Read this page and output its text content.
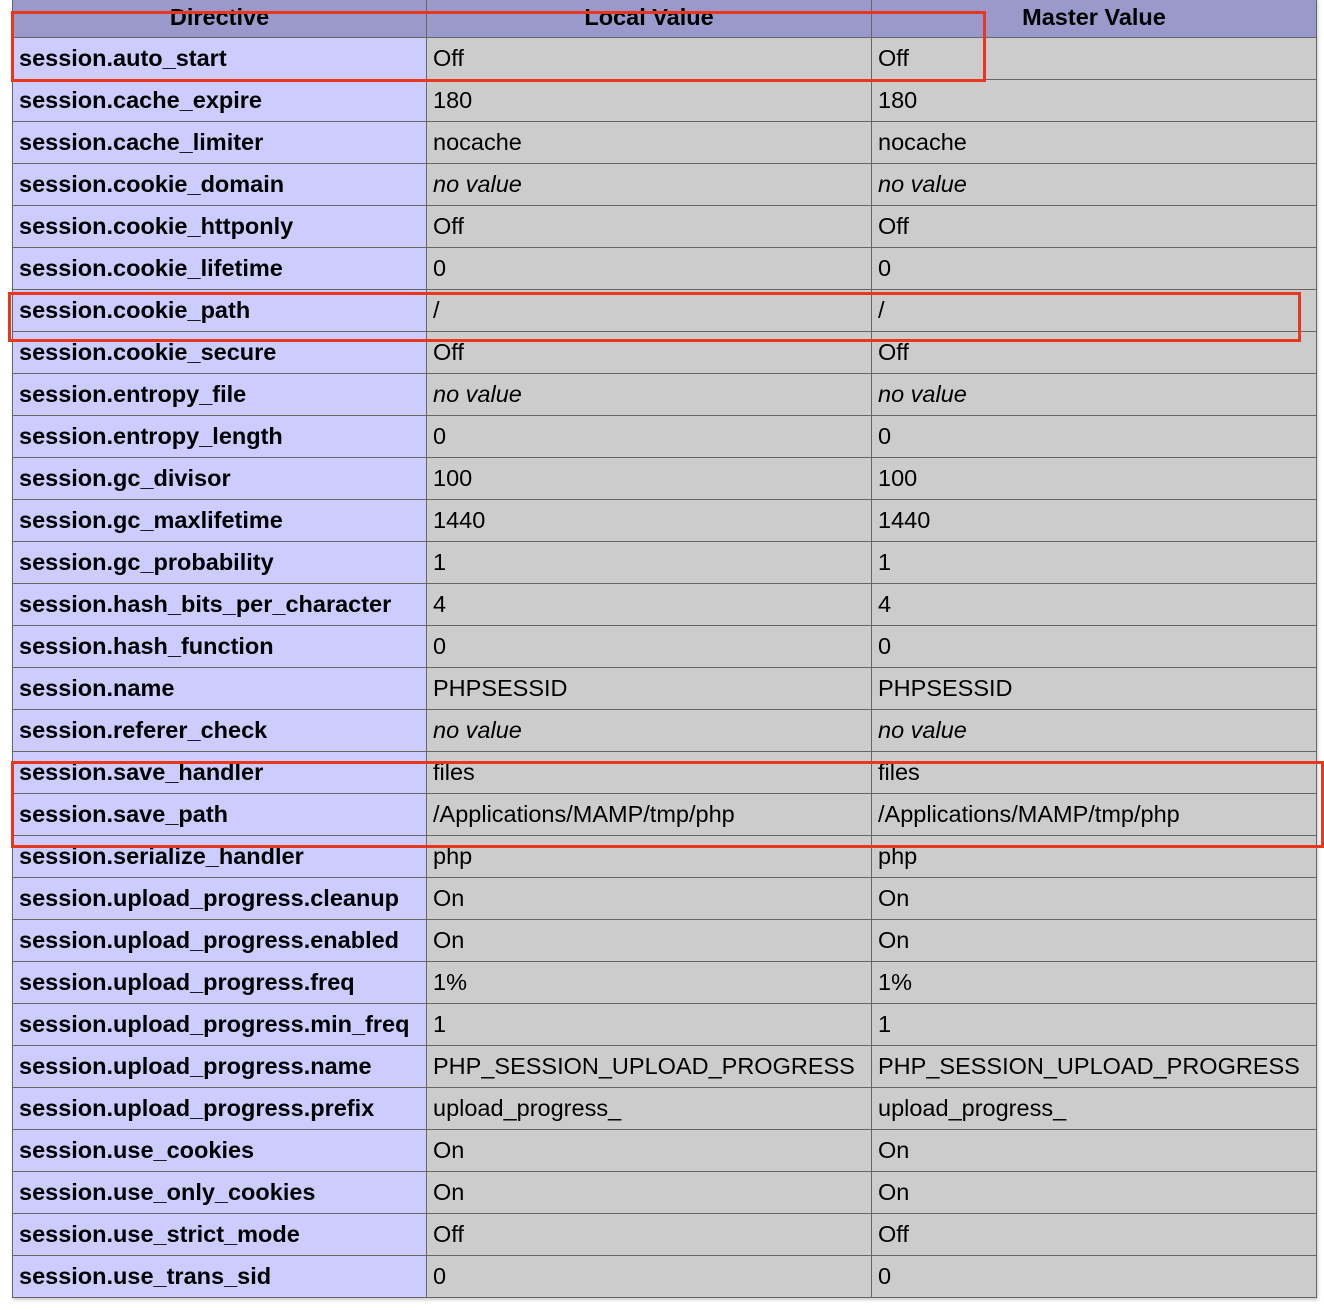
Directive	Local Value	Master Value
session.auto_start	Off	Off
session.cache_expire	180	180
session.cache_limiter	nocache	nocache
session.cookie_domain	no value	no value
session.cookie_httponly	Off	Off
session.cookie_lifetime	0	0
session.cookie_path	/	/
session.cookie_secure	Off	Off
session.entropy_file	no value	no value
session.entropy_length	0	0
session.gc_divisor	100	100
session.gc_maxlifetime	1440	1440
session.gc_probability	1	1
session.hash_bits_per_character	4	4
session.hash_function	0	0
session.name	PHPSESSID	PHPSESSID
session.referer_check	no value	no value
session.save_handler	files	files
session.save_path	/Applications/MAMP/tmp/php	/Applications/MAMP/tmp/php
session.serialize_handler	php	php
session.upload_progress.cleanup	On	On
session.upload_progress.enabled	On	On
session.upload_progress.freq	1%	1%
session.upload_progress.min_freq	1	1
session.upload_progress.name	PHP_SESSION_UPLOAD_PROGRESS	PHP_SESSION_UPLOAD_PROGRESS
session.upload_progress.prefix	upload_progress_	upload_progress_
session.use_cookies	On	On
session.use_only_cookies	On	On
session.use_strict_mode	Off	Off
session.use_trans_sid	0	0
